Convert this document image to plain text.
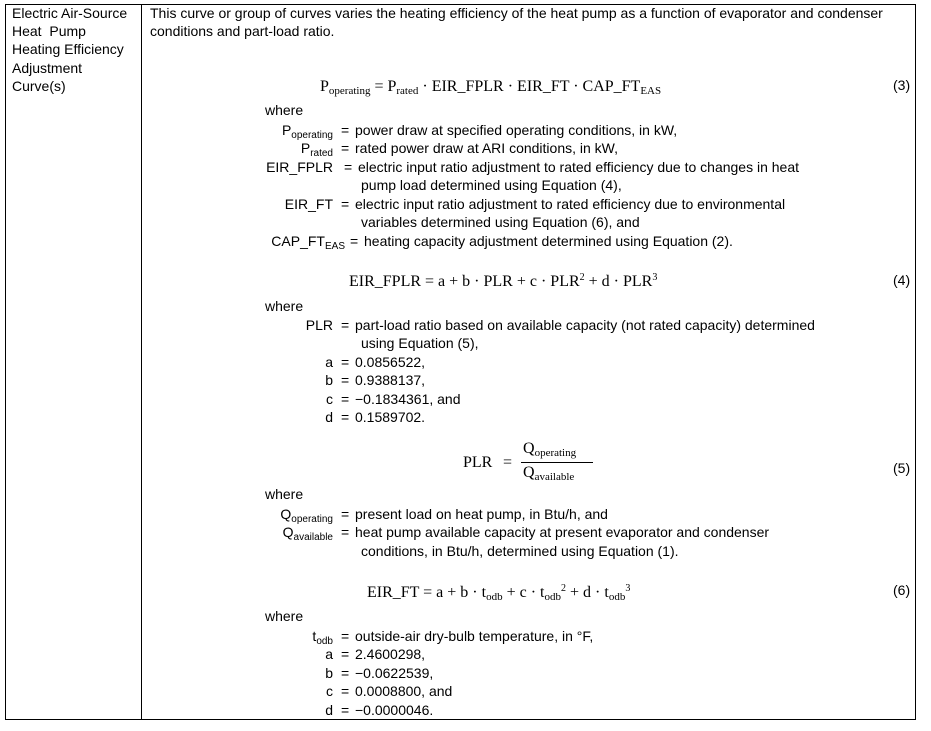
Electric Air-Source
Heat  Pump
Heating Efficiency
Adjustment
Curve(s)
This curve or group of curves varies the heating efficiency of the heat pump as a function of evaporator and condenser conditions and part-load ratio.
$P_{operating} = P_{rated}$ · EIR_FPLR · EIR_FT · $CAP\_FT_{EAS}$	(3)
where
$P_{operating}$ = power draw at specified operating conditions, in kW,
$P_{rated}$ = rated power draw at ARI conditions, in kW,
EIR_FPLR = electric input ratio adjustment to rated efficiency due to changes in heat
pump load determined using Equation (4),
EIR_FT = electric input ratio adjustment to rated efficiency due to environmental
variables determined using Equation (6), and
$CAP\_FT_{EAS}$ = heating capacity adjustment determined using Equation (2).
EIR_FPLR = a + b · PLR + $c \cdot PLR^2 + d \cdot PLR^3$	(4)
where
PLR = part-load ratio based on available capacity (not rated capacity) determined
using Equation (5),
a = 0.0856522,
b = 0.9388137,
c = −0.1834361, and
d = 0.1589702.
PLR =
$Q_{operating}$
$Q_{available}$
(5)
where
$Q_{operating}$ = present load on heat pump, in Btu/h, and
$Q_{available}$ = heat pump available capacity at present evaporator and condenser
conditions, in Btu/h, determined using Equation (1).
EIR_FT = $a + b \cdot t_{odb} + c \cdot t_{odb}^2 + d \cdot t_{odb}^3$	(6)
where
$t_{odb}$ = outside-air dry-bulb temperature, in °F,
a = 2.4600298,
b = −0.0622539,
c = 0.0008800, and
d = −0.0000046.
